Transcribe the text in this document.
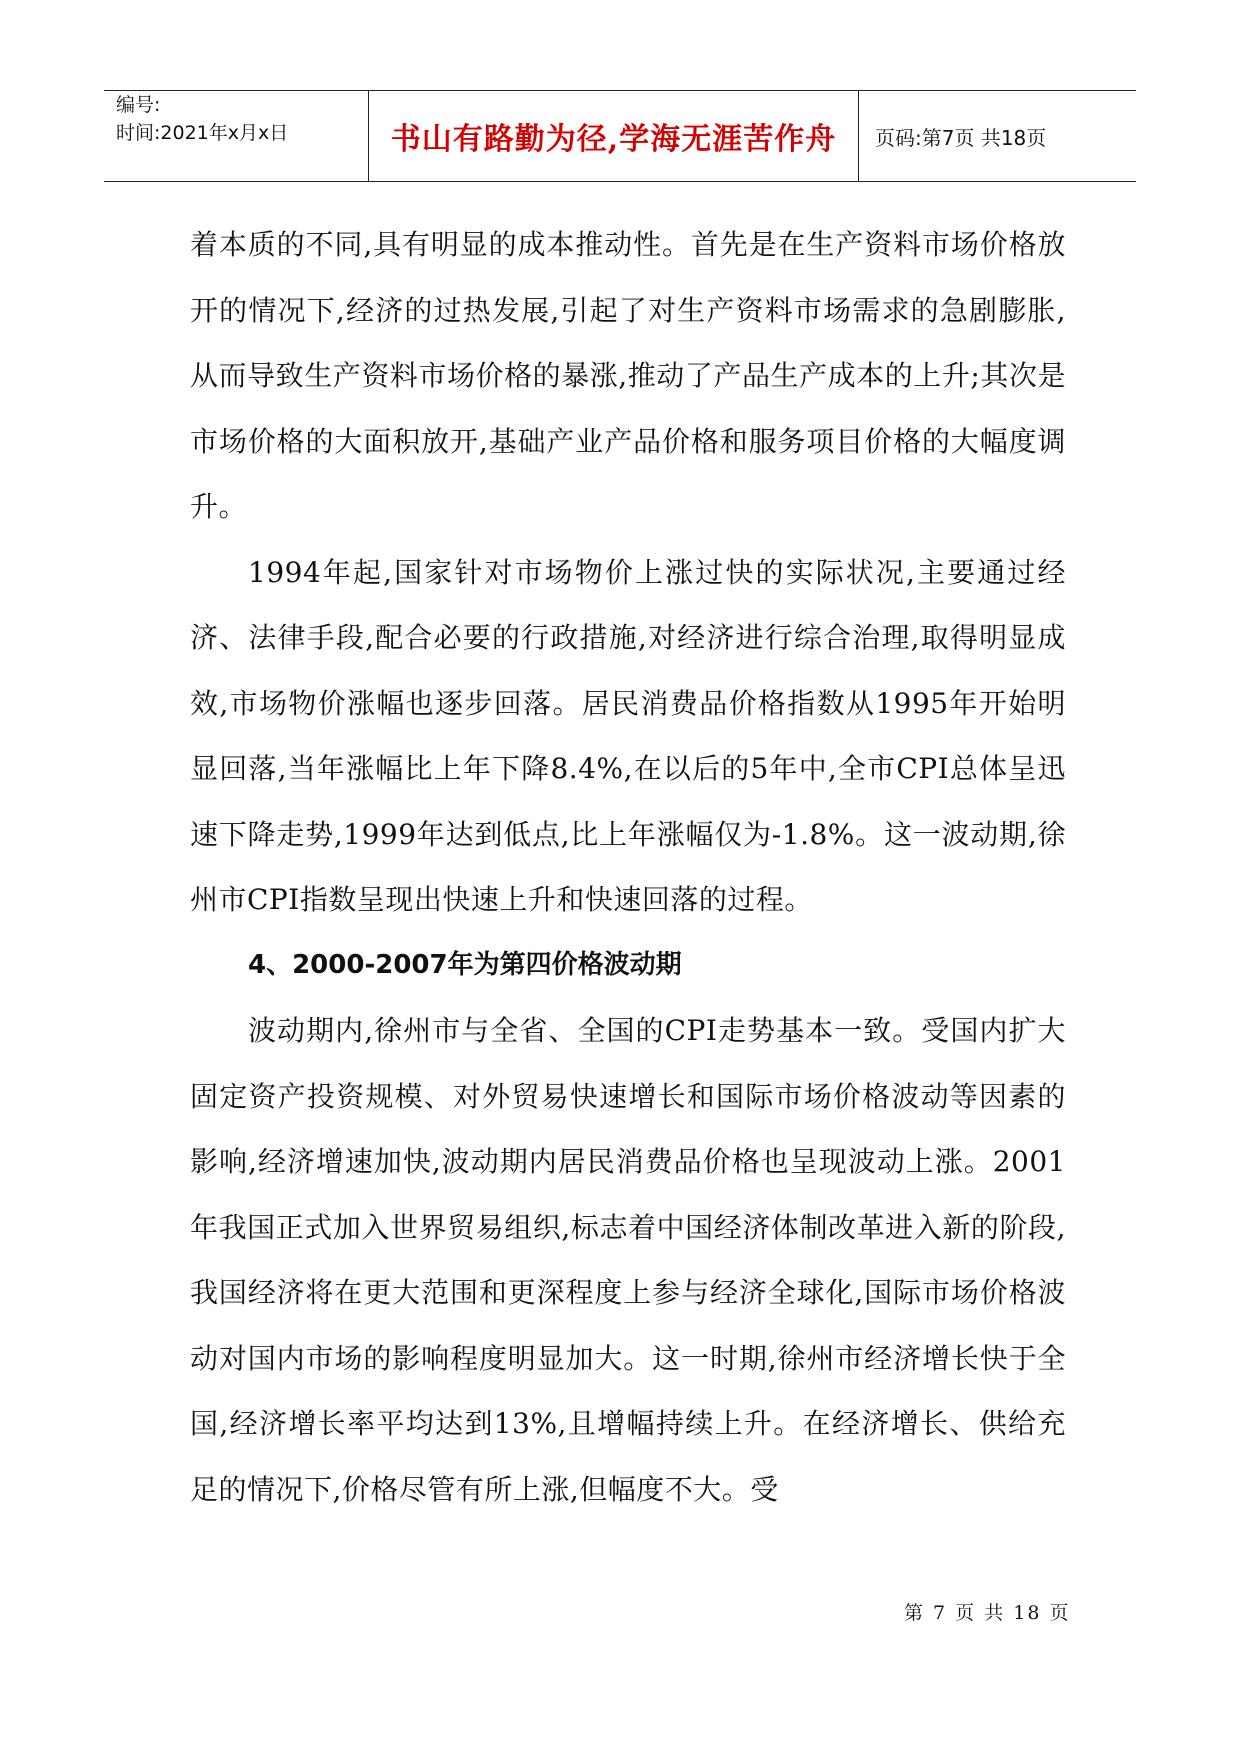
编号:
时间:2021年x月x日	书山有路勤为径,学海无涯苦作舟	页码:第7页 共18页

着本质的不同,具有明显的成本推动性。首先是在生产资料市场价格放开的情况下,经济的过热发展,引起了对生产资料市场需求的急剧膨胀,从而导致生产资料市场价格的暴涨,推动了产品生产成本的上升;其次是市场价格的大面积放开,基础产业产品价格和服务项目价格的大幅度调升。

1994年起,国家针对市场物价上涨过快的实际状况,主要通过经济、法律手段,配合必要的行政措施,对经济进行综合治理,取得明显成效,市场物价涨幅也逐步回落。居民消费品价格指数从1995年开始明显回落,当年涨幅比上年下降8.4%,在以后的5年中,全市CPI总体呈迅速下降走势,1999年达到低点,比上年涨幅仅为-1.8%。这一波动期,徐州市CPI指数呈现出快速上升和快速回落的过程。

4、2000-2007年为第四价格波动期

波动期内,徐州市与全省、全国的CPI走势基本一致。受国内扩大固定资产投资规模、对外贸易快速增长和国际市场价格波动等因素的影响,经济增速加快,波动期内居民消费品价格也呈现波动上涨。2001年我国正式加入世界贸易组织,标志着中国经济体制改革进入新的阶段,我国经济将在更大范围和更深程度上参与经济全球化,国际市场价格波动对国内市场的影响程度明显加大。这一时期,徐州市经济增长快于全国,经济增长率平均达到13%,且增幅持续上升。在经济增长、供给充足的情况下,价格尽管有所上涨,但幅度不大。受

第 7 页 共 18 页
